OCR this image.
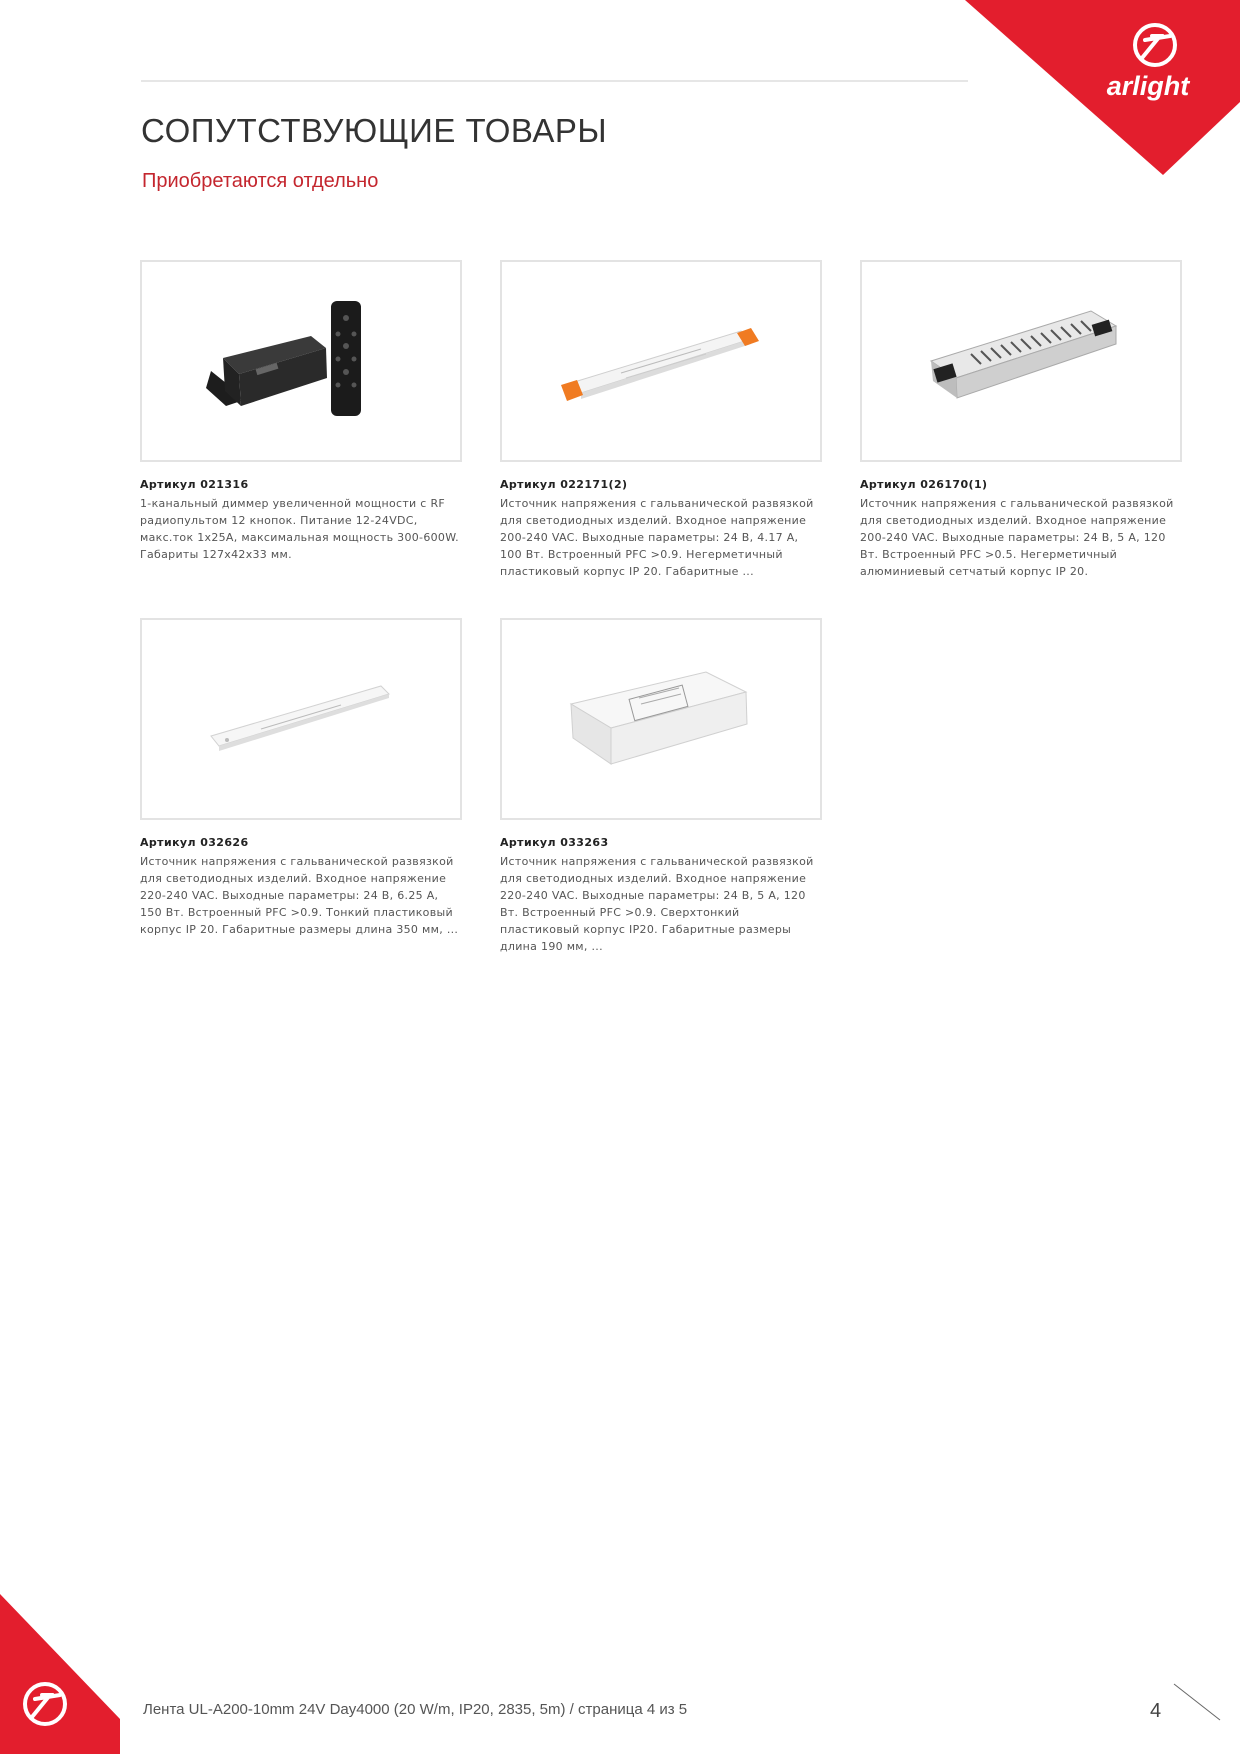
arlight
СОПУТСТВУЮЩИЕ ТОВАРЫ
Приобретаются отдельно
Артикул 021316
1-канальный диммер увеличенной мощности с RF радиопультом 12 кнопок. Питание 12-24VDC, макс.ток 1х25А, максимальная мощность 300-600W. Габариты 127х42х33 мм.
Артикул 022171(2)
Источник напряжения с гальванической развязкой для светодиодных изделий. Входное напряжение 200-240 VAC. Выходные параметры: 24 В, 4.17 А, 100 Вт. Встроенный PFC >0.9. Негерметичный пластиковый корпус IP 20. Габаритные ...
Артикул 026170(1)
Источник напряжения с гальванической развязкой для светодиодных изделий. Входное напряжение 200-240 VAC. Выходные параметры: 24 В, 5 А, 120 Вт. Встроенный PFC >0.5. Негерметичный алюминиевый сетчатый корпус IP 20.
Артикул 032626
Источник напряжения с гальванической развязкой для светодиодных изделий. Входное напряжение 220-240 VAC. Выходные параметры: 24 В, 6.25 А, 150 Вт. Встроенный PFC >0.9. Тонкий пластиковый корпус IP 20. Габаритные размеры длина 350 мм, ...
Артикул 033263
Источник напряжения с гальванической развязкой для светодиодных изделий. Входное напряжение 220-240 VAC. Выходные параметры: 24 В, 5 А, 120 Вт. Встроенный PFC >0.9. Сверхтонкий пластиковый корпус IP20. Габаритные размеры длина 190 мм, ...
Лента UL-A200-10mm 24V Day4000 (20 W/m, IP20, 2835, 5m) / страница 4 из 5	4
